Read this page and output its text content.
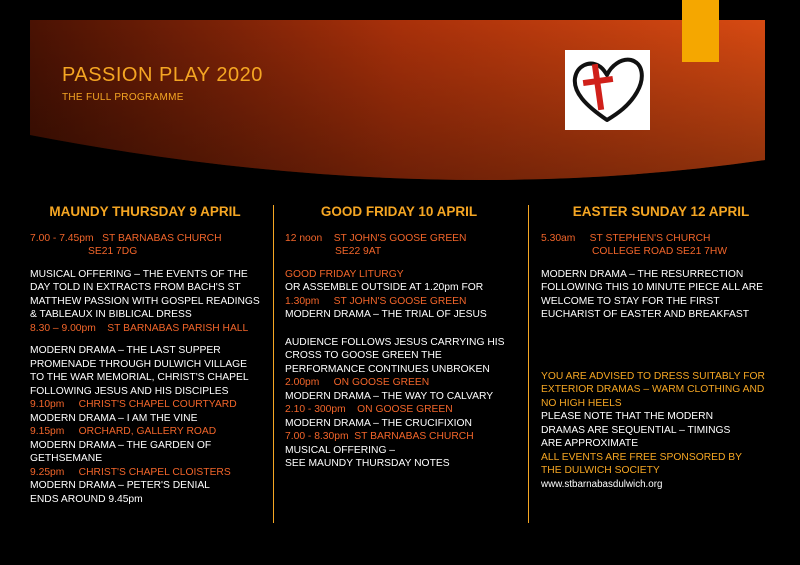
PASSION PLAY 2020
THE FULL PROGRAMME
MAUNDY THURSDAY 9 APRIL
7.00 - 7.45pm ST BARNABAS CHURCH
SE21 7DG

MUSICAL OFFERING – THE EVENTS OF THE DAY TOLD IN EXTRACTS FROM BACH'S ST MATTHEW PASSION WITH GOSPEL READINGS & TABLEAUX IN BIBLICAL DRESS

8.30 – 9.00pm ST BARNABAS PARISH HALL

MODERN DRAMA – THE LAST SUPPER

PROMENADE THROUGH DULWICH VILLAGE TO THE WAR MEMORIAL, CHRIST'S CHAPEL FOLLOWING JESUS AND HIS DISCIPLES

9.10pm CHRIST'S CHAPEL COURTYARD

MODERN DRAMA – I AM THE VINE

9.15pm ORCHARD, GALLERY ROAD

MODERN DRAMA – THE GARDEN OF GETHSEMANE

9.25pm CHRIST'S CHAPEL CLOISTERS

MODERN DRAMA – PETER'S DENIAL

ENDS AROUND 9.45pm

GOOD FRIDAY 10 APRIL
12 noon ST JOHN'S GOOSE GREEN
SE22 9AT
GOOD FRIDAY LITURGY

OR ASSEMBLE OUTSIDE AT 1.20pm FOR

1.30pm ST JOHN'S GOOSE GREEN

MODERN DRAMA – THE TRIAL OF JESUS

AUDIENCE FOLLOWS JESUS CARRYING HIS CROSS TO GOOSE GREEN THE PERFORMANCE CONTINUES UNBROKEN

2.00pm ON GOOSE GREEN

MODERN DRAMA – THE WAY TO CALVARY

2.10 - 300pm ON GOOSE GREEN

MODERN DRAMA – THE CRUCIFIXION

7.00 - 8.30pm ST BARNABAS CHURCH

MUSICAL OFFERING –

SEE MAUNDY THURSDAY NOTES

EASTER SUNDAY 12 APRIL
5.30am ST STEPHEN'S CHURCH
COLLEGE ROAD SE21 7HW

MODERN DRAMA – THE RESURRECTION

FOLLOWING THIS 10 MINUTE PIECE ALL ARE WELCOME TO STAY FOR THE FIRST EUCHARIST OF EASTER AND BREAKFAST

YOU ARE ADVISED TO DRESS SUITABLY FOR EXTERIOR DRAMAS – WARM CLOTHING AND NO HIGH HEELS

PLEASE NOTE THAT THE MODERN DRAMAS ARE SEQUENTIAL – TIMINGS ARE APPROXIMATE

ALL EVENTS ARE FREE SPONSORED BY THE DULWICH SOCIETY

www.stbarnabasdulwich.org
